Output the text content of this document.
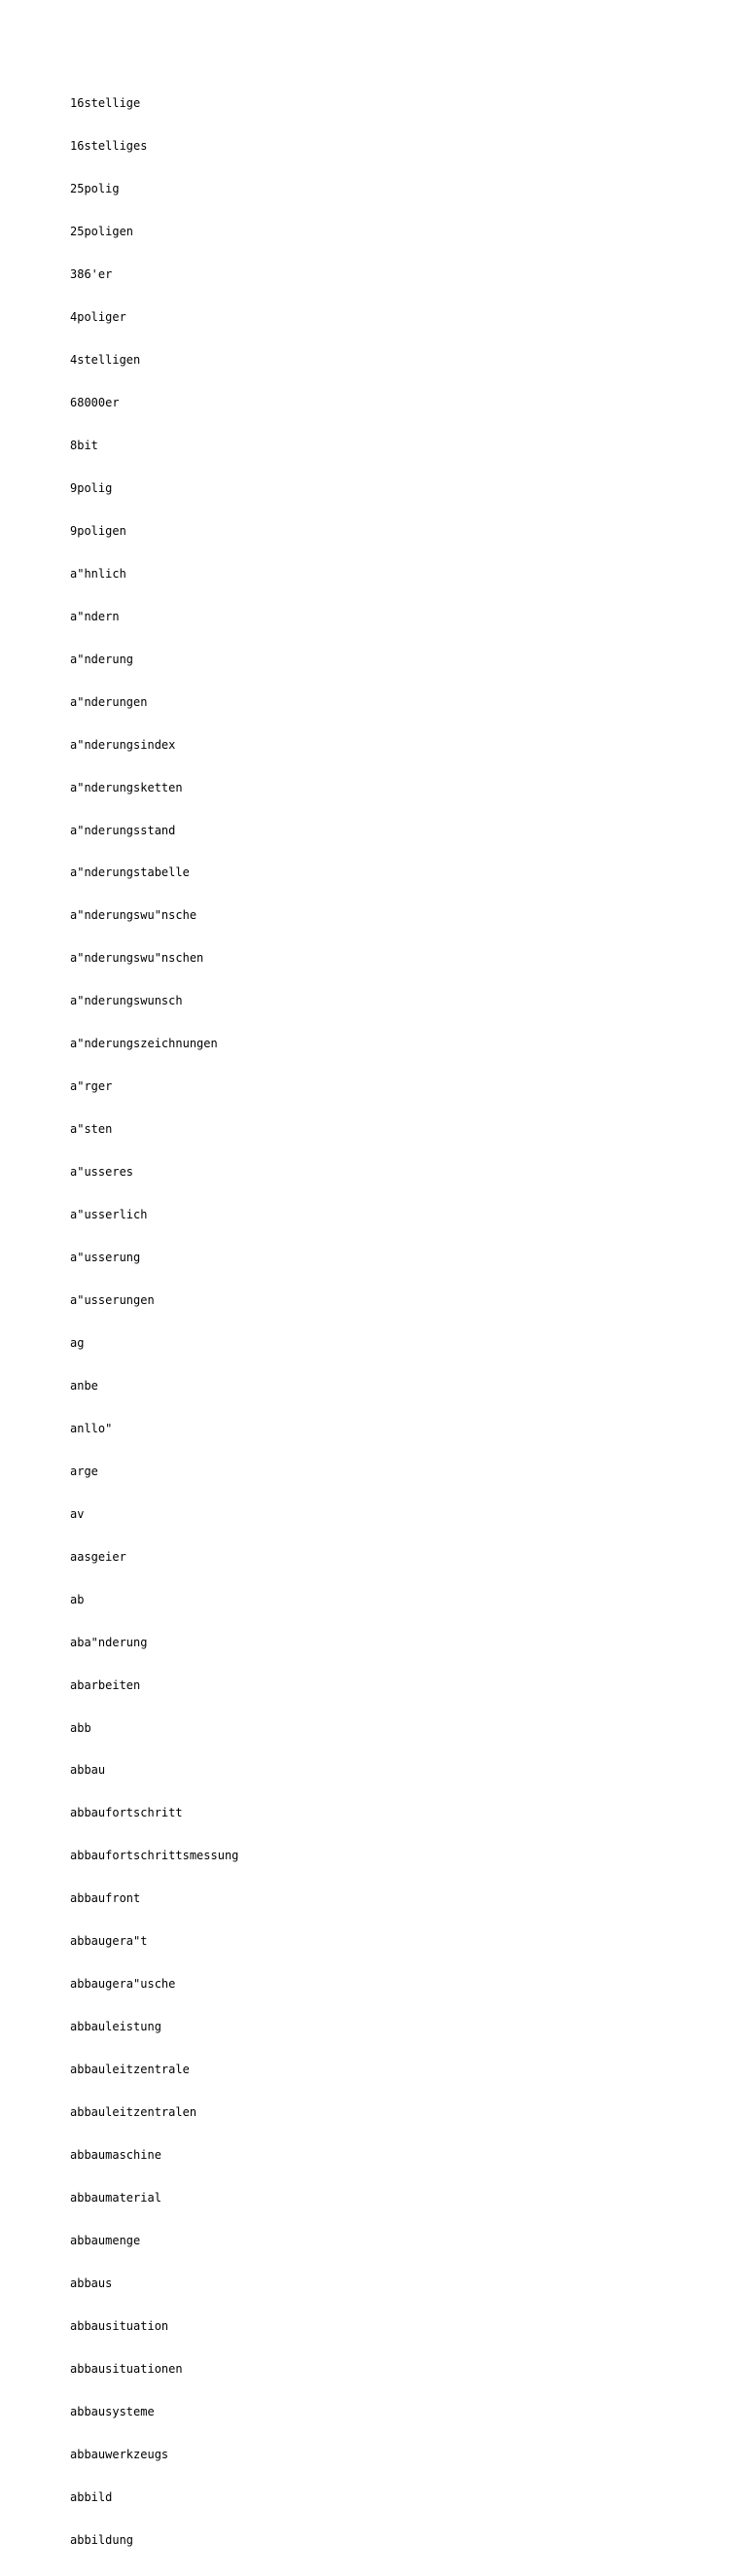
16stellige

16stelliges

25polig

25poligen

386'er

4poliger

4stelligen

68000er

8bit

9polig

9poligen

a"hnlich

a"ndern

a"nderung

a"nderungen

a"nderungsindex

a"nderungsketten

a"nderungsstand

a"nderungstabelle

a"nderungswu"nsche

a"nderungswu"nschen

a"nderungswunsch

a"nderungszeichnungen

a"rger

a"sten

a"usseres

a"usserlich

a"usserung

a"usserungen

ag

anbe

anllo"

arge

av

aasgeier

ab

aba"nderung

abarbeiten

abb

abbau

abbaufortschritt

abbaufortschrittsmessung

abbaufront

abbaugera"t

abbaugera"usche

abbauleistung

abbauleitzentrale

abbauleitzentralen

abbaumaschine

abbaumaterial

abbaumenge

abbaus

abbausituation

abbausituationen

abbausysteme

abbauwerkzeugs

abbild

abbildung
